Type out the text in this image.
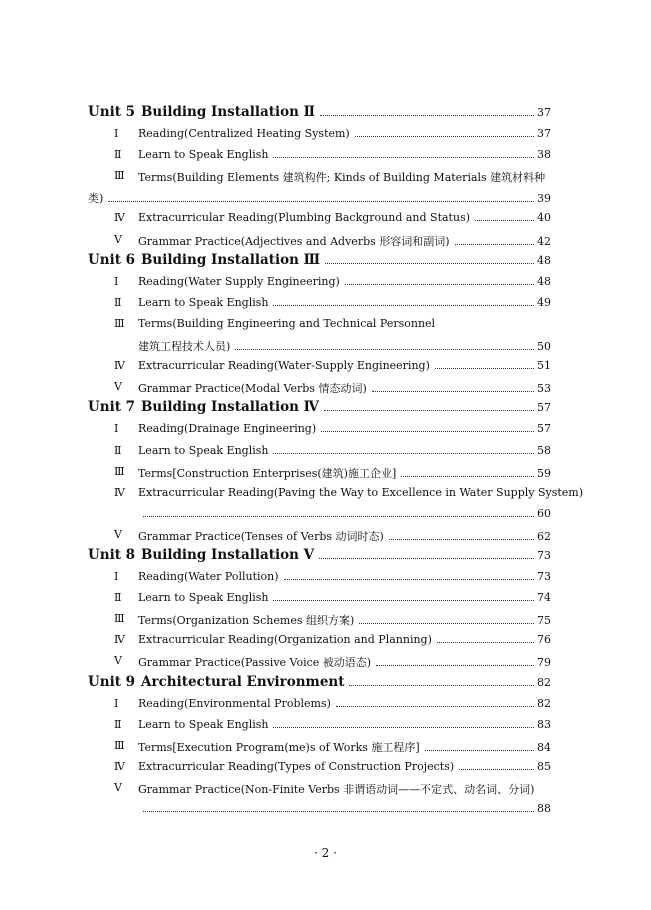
Unit 5 Building Installation Ⅱ	37
Ⅰ	Reading(Centralized Heating System)	37
Ⅱ	Learn to Speak English	38
Ⅲ	Terms(Building Elements 建筑构件; Kinds of Building Materials 建筑材料种
类)	39
Ⅳ	Extracurricular Reading(Plumbing Background and Status)	40
Ⅴ	Grammar Practice(Adjectives and Adverbs 形容词和副词)	42
Unit 6 Building Installation Ⅲ	48
Ⅰ	Reading(Water Supply Engineering)	48
Ⅱ	Learn to Speak English	49
Ⅲ	Terms(Building Engineering and Technical Personnel
建筑工程技术人员)	50
Ⅳ	Extracurricular Reading(Water-Supply Engineering)	51
Ⅴ	Grammar Practice(Modal Verbs 情态动词)	53
Unit 7 Building Installation Ⅳ	57
Ⅰ	Reading(Drainage Engineering)	57
Ⅱ	Learn to Speak English	58
Ⅲ	Terms[Construction Enterprises(建筑)施工企业]	59
Ⅳ	Extracurricular Reading(Paving the Way to Excellence in Water Supply System)
60
Ⅴ	Grammar Practice(Tenses of Verbs 动词时态)	62
Unit 8 Building Installation Ⅴ	73
Ⅰ	Reading(Water Pollution)	73
Ⅱ	Learn to Speak English	74
Ⅲ	Terms(Organization Schemes 组织方案)	75
Ⅳ	Extracurricular Reading(Organization and Planning)	76
Ⅴ	Grammar Practice(Passive Voice 被动语态)	79
Unit 9 Architectural Environment	82
Ⅰ	Reading(Environmental Problems)	82
Ⅱ	Learn to Speak English	83
Ⅲ	Terms[Execution Program(me)s of Works 施工程序]	84
Ⅳ	Extracurricular Reading(Types of Construction Projects)	85
Ⅴ	Grammar Practice(Non-Finite Verbs 非谓语动词——不定式、动名词、分词)
88
· 2 ·
